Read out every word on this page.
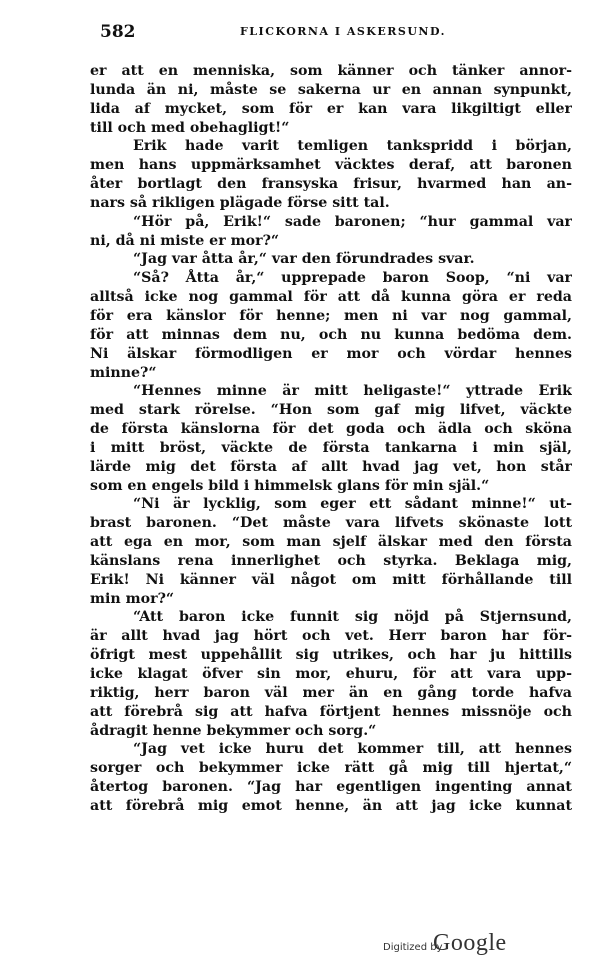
582	FLICKORNA I ASKERSUND.
er att en menniska, som känner och tänker annor-
lunda än ni, måste se sakerna ur en annan synpunkt,
lida af mycket, som för er kan vara likgiltigt eller
till och med obehagligt!“
Erik hade varit temligen tankspridd i början,
men hans uppmärksamhet väcktes deraf, att baronen
åter bortlagt den fransyska frisur, hvarmed han an-
nars så rikligen plägade förse sitt tal.
“Hör på, Erik!“ sade baronen; “hur gammal var
ni, då ni miste er mor?“
“Jag var åtta år,“ var den förundrades svar.
“Så? Åtta år,“ upprepade baron Soop, “ni var
alltså icke nog gammal för att då kunna göra er reda
för era känslor för henne; men ni var nog gammal,
för att minnas dem nu, och nu kunna bedöma dem.
Ni älskar förmodligen er mor och vördar hennes
minne?“
“Hennes minne är mitt heligaste!“ yttrade Erik
med stark rörelse. “Hon som gaf mig lifvet, väckte
de första känslorna för det goda och ädla och sköna
i mitt bröst, väckte de första tankarna i min själ,
lärde mig det första af allt hvad jag vet, hon står
som en engels bild i himmelsk glans för min själ.“
“Ni är lycklig, som eger ett sådant minne!“ ut-
brast baronen. “Det måste vara lifvets skönaste lott
att ega en mor, som man sjelf älskar med den första
känslans rena innerlighet och styrka. Beklaga mig,
Erik! Ni känner väl något om mitt förhållande till
min mor?“
“Att baron icke funnit sig nöjd på Stjernsund,
är allt hvad jag hört och vet. Herr baron har för-
öfrigt mest uppehållit sig utrikes, och har ju hittills
icke klagat öfver sin mor, ehuru, för att vara upp-
riktig, herr baron väl mer än en gång torde hafva
att förebrå sig att hafva förtjent hennes missnöje och
ådragit henne bekymmer och sorg.“
“Jag vet icke huru det kommer till, att hennes
sorger och bekymmer icke rätt gå mig till hjertat,“
återtog baronen. “Jag har egentligen ingenting annat
att förebrå mig emot henne, än att jag icke kunnat
Digitized by
Google
